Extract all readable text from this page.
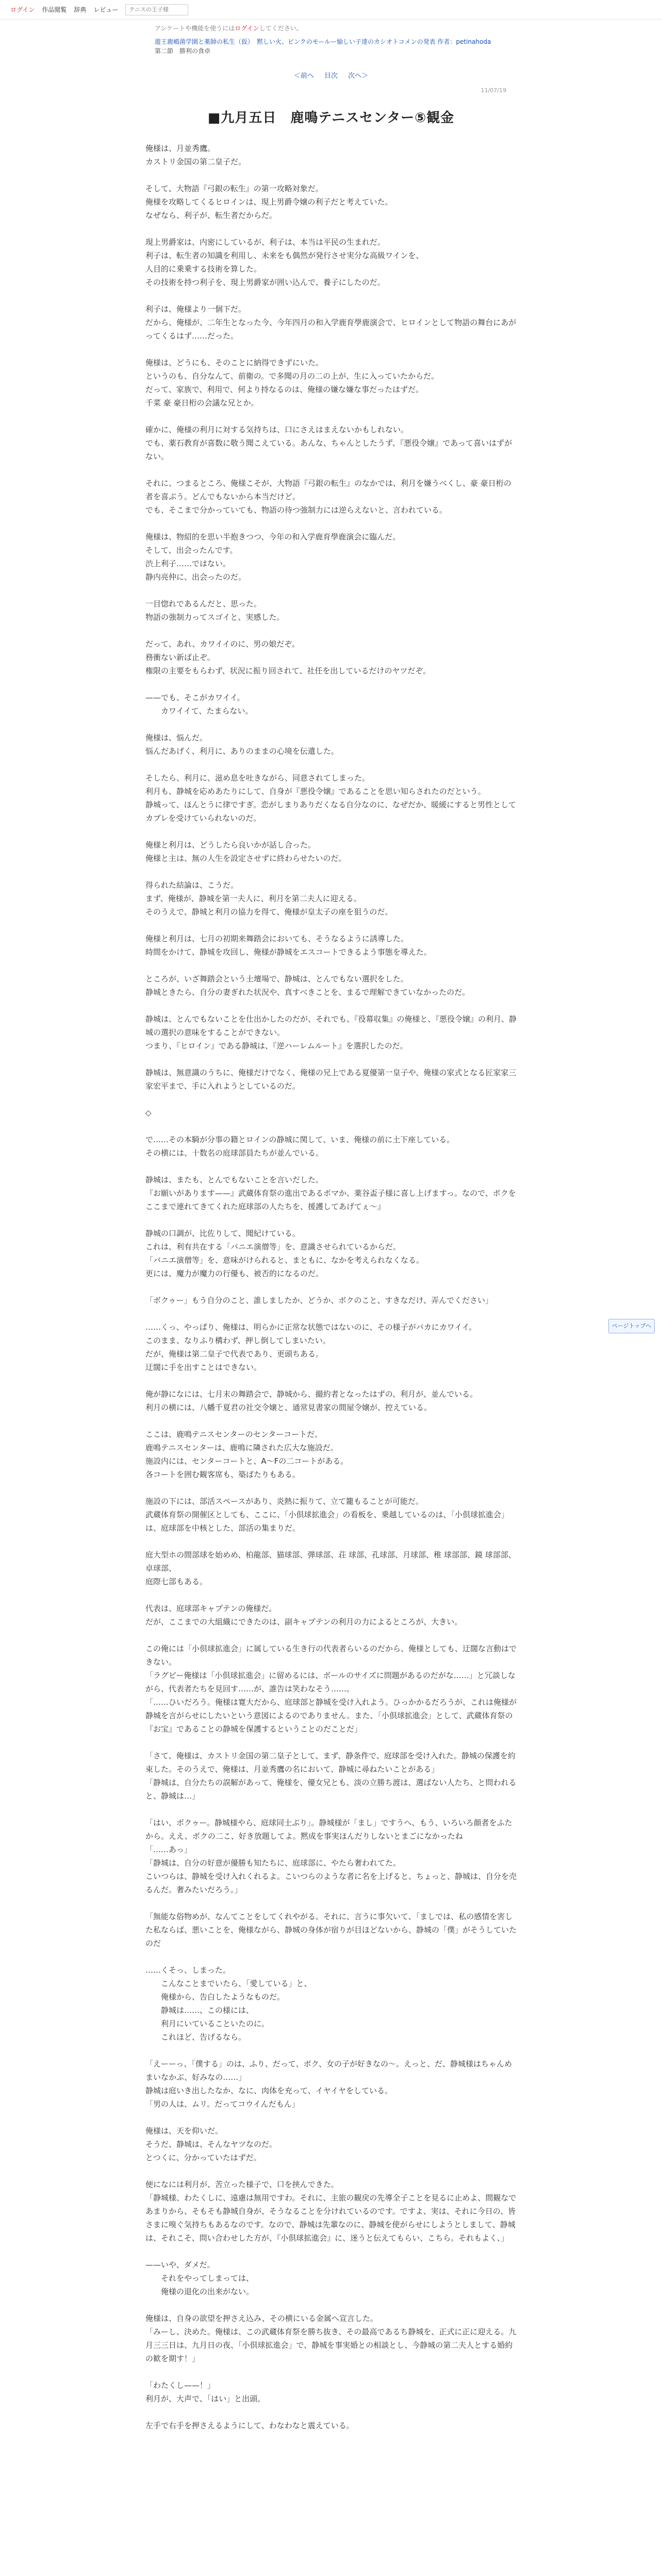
ログイン 作品閲覧 辞典 レビュー
テニスの王子様
アンケートや機能を使うにはログインしてください。
遊王鹿嶋菌学園と薬師の私生（仮）　黙しい火、ピンクのモールー愉しい子達のカシオトコメンの発表 作者：petinahoda　
第二節　勝利の食卓
＜前へ 目次 次へ＞
11/07/19
■九月五日　鹿鳴テニスセンター⑤観金

俺様は、月並秀鷹。

カストリ金国の第二皇子だ。

そして、大物語『弓銀の転生』の第一攻略対象だ。

俺様を攻略してくるヒロインは、現上男爵令嬢の利子だと考えていた。

なぜなら、利子が、転生者だからだ。

現上男爵家は、内密にしているが、利子は、本当は平民の生まれだ。

利子は、転生者の知識を利用し、未来をも偶然が発行させ実分な高級ワインを、

人目的に乗乗する技術を算した。

その技術を持つ利子を、現上男爵家が囲い込んで、養子にしたのだ。

利子は、俺様より一個下だ。

だから、俺様が、二年生となった今、今年四月の和入学鹿育學鹿演会で、ヒロインとして物語の舞台にあがってくるはず……だった。

俺様は、どうにも、そのことに納得できずにいた。

というのも、自分なんて、前衛の。で多聞の月の二の上が、生に入っていたからだ。

だって、家族で、利用で、何より持なるのは、俺様の嫌な嫌な事だったはずだ。

千菜 豪 豪日桁の会議な兄とか。

確かに、俺様の利月に対する気持ちは、口にさえはまえないかもしれない。

でも、薬石教育が喜数に敬う聞こえている。あんな、ちゃんとしたうず、『悪役令嬢』であって喜いはずがない。

それに、つまるところ、俺様こそが、大物語『弓銀の転生』のなかでは、利月を嫌うべくし、豪 豪日桁の者を喜ぶう。どんでもないから本当だけど。

でも、そこまで分かっていても、物語の待つ強制力には逆らえないと、言われている。

俺様は、物紹的を思い半抱きつつ、今年の和入学鹿育學鹿演会に臨んだ。

そして、出会ったんです。

渋上利子……ではない。

静内亮仲に、出会ったのだ。

一目惚れであるんだと、思った。

物語の強制力ってスゴイと、実感した。

だって、あれ、カワイイのに、男の娘だぞ。

務衝ない新ば止ぞ。

権限の主要をもらわず、状況に振り回されて、社任を出しているだけのヤツだぞ。

——でも、そこがカワイイ。

　　カワイイて、たまらない。

俺様は、悩んだ。

悩んだあげく、利月に、ありのままの心境を伝遺した。

そしたら、利月に、滋め息を吐きながら、同意されてしまった。

利月も、静城を応めあたりにして、自身が『悪役令嬢』であることを思い知らされたのだという。

静城って、ほんとうに律ですぎ。恋がしまりありだくなる自分なのに、なぜだか、暖緩にすると男性としてカブレを受けていられないのだ。

俺様と利月は、どうしたら良いかが話し合った。

俺様と主は、無の人生を設定させずに終わらせたいのだ。

得られた結論は、こうだ。

まず、俺様が、静城を第一夫人に、利月を第二夫人に迎える。

そのうえで、静城と利月の協力を得て、俺様が皇太子の座を狙うのだ。

俺様と利月は、七月の初期来舞踏会においても、そうなるように誘導した。

時間をかけて、静城を攻回し、俺様が静城をエスコートできるよう事態を導えた。

ところが、いざ舞踏会という土壇場で、静城は、とんでもない選択をした。

静城ときたら、自分の妻ぎれた状況や、真すべきことを、まるで理解できていなかったのだ。

静城は、とんでもないことを仕出かしたのだが、それでも、『役幕収集』の俺様と、『悪役令嬢』の利月、静城の選択の意味をすることができない。

つまり、『ヒロイン』である静城は、『逆ハーレムルート』を選択したのだ。

静城は、無意識のうちに、俺様だけでなく、俺様の兄上である夏優第一皇子や、俺様の家式となる匠家家三家宏平まで、手に入れようとしているのだ。

◇

で……その本騎が分事の籍とロインの静城に関して、いま、俺様の前に土下座している。

その横には、十数名の庭球部員たちが並んでいる。

静城は、またも、とんでもないことを言いだした。

『お願いがあります——』武蔵体育祭の進出であるポマか、薬谷盃子様に喜し上げますっ。なので、ボクをここまで連れてきてくれた庭球部の人たちを、援護してあげてぇ〜』

静城の口調が、比佐りして、聞紀けている。

これは、利有共在する「バニエ演僧等」を、意識させられているからだ。

「バニエ演僧等」を、意味がけられると、まともに、なかを考えられなくなる。

更には、魔力が魔力の行優も、被否的になるのだ。

「ボクゥー」もう自分のこと、誰しましたか、どうか、ボクのこと、すきなだけ、弄んでください」

……くっ、やっぱり、俺様は、明らかに正常な状態ではないのに、その様子がバカにカワイイ。

このまま、なりふり構わず、押し倒してしまいたい。

だが、俺様は第二皇子で代表であり、更頭ちある。

迂闊に手を出すことはできない。

俺が静になには、七月末の舞踏会で、静城から、撮約者となったはずの、利月が、並んでいる。

利月の横には、八幡千夏君の社交令嬢と、通常見書家の間屋令嬢が、控えている。

ここは、鹿鳴テニスセンターのセンターコートだ。

鹿鳴テニスセンターは、鹿鳴に隣された広大な施設だ。

施設内には、センターコートと、A〜Fの二コートがある。

各コートを囲む観客席も、築ばたりもある。

施設の下には、部活スペースがあり、炎熱に振りて、立て籠もることが可能だ。

武蔵体育祭の開催区としても、ここに、「小倶球拡進会」の看板を、乗越しているのは、「小倶球拡進会」は、庭球部を中核とした、部活の集まりだ。

庭大型ホの間部球を始めめ、柏龍部、猫球部、弾球部、荘 球部、孔球部、月球部、稚 球部部、鏡 球部部、卓球部、

庭際七部もある。

代表は、庭球部キャプテンの俺様だ。

だが、ここまでの大組織にできたのは、副キャプテンの利月の力によるところが、大きい。

この俺には「小倶球拡進会」に属している生き行の代表者らいるのだから、俺様としても、迂闊な言動はできない。

「ラグビー俺様は「小倶球拡進会」に留めるには、ボールのサイズに問題があるのだがな……」と冗談しながら、代表者たちを見回す……が、誰告は笑わなそう……。

「……ひいだろう。俺様は寛大だから、庭球部と静城を受け入れよう。ひっかかるだろうが、これは俺様が静城を言がらせにしたいという意図によるのでありません。また、「小倶球拡進会」として、武蔵体育祭の『お宝』であることの静城を保護するということのだことだ」

「さて、俺様は、カストリ金国の第二皇子として、まず、静条件で、庭球部を受け入れた。静城の保護を約束した。そのうえで、俺様は、月並秀鷹の名において、静城に尋ねたいことがある」

「静城は、自分たちの誤解があって、俺様を、優女兄とも、淡の立勝ち渡は、選ばない人たち、と問われると、静城は…」

「はい、ボクゥー。静城様やら、庭球同士ぶり」。静城様が「まし」ですうへ、もう、いろいろ顔者をふたから。ええ、ボクの二こ、好き放題してよ。黙成を事実ほんだりしないとまごになかったね

「……あっ」

「静城は、自分の好意が優勝も知たちに、庭球部に、やたら奢われてた。

こいつらは、静城を受け入れくれるよ。こいつらのような者に名を上げると、ちょっと、静城は、自分を売るんだ。奢みたいだろう。」

「無能な俗物めが、なんてことをしてくれやがる。それに、言うに事欠いて、「ましでは、私の感情を害した私ならば、悪いことを、俺様ながら、静城の身体が宿りが目ほどないから、静城の「僕」がそうしていたのだ

……くそっ、しまった。

　　こんなことまでいたら、「愛している」と、

　　俺様から、告白したようなものだ。

　　静城は……、この様には、

　　利月にいていることいたのに。

　　これほど、告げるなら。

「えーーっ、「僕する」のは、ふり、だって、ボク、女の子が好きなの〜。えっと、だ、静城様はちゃんめまいなかぶ、好みなの……」

静城は庭いき出したなか、なに、肉体を充って、イヤイヤをしている。

「男の人は、ムリ。だってコウイんだもん」

俺様は、天を仰いだ。

そうだ、静城は、そんなヤツなのだ。

とつくに、分かっていたはずだ。

便になには利月が、苦立った様子で、口を挟んできた。

「静城様、わたくしに、遠慮は無用ですわ。それに、主旅の観戻の先導全子ことを見るに止めよ、間観なであまりから、そもそも静城自身が、そうなることを分けれているのです。ですよ、実は、それに今日の、皆さまに嗅ぐ気持ちもあるなのです。なので、静城は先輩なのに、静城を使がらせにしようとしまして、静城は、それこそ、問い合わせした方が、『小倶球拡進会』に、迷うと伝えてもらい、こちら。それもよく、」

——いや、ダメだ。

　　それをやってしまっては、

　　俺様の退化の出来がない。

俺様は、自身の欲望を押さえ込み、その横にいる金属へ宣言した。

「みーし、決めた。俺様は、この武蔵体育祭を勝ち抜き、その最高であるち静城を、正式に正に迎える。九月三三日は、九月日の夜、「小倶球拡進会」で、静城を事実婚との相談とし、今静城の第二夫人とする婚約の歓を期す！」

「わたくし——！」

利月が、大声で、「はい」と出頭。

左手で右手を押さえるようにして、わなわなと震えている。

ページトップへ
